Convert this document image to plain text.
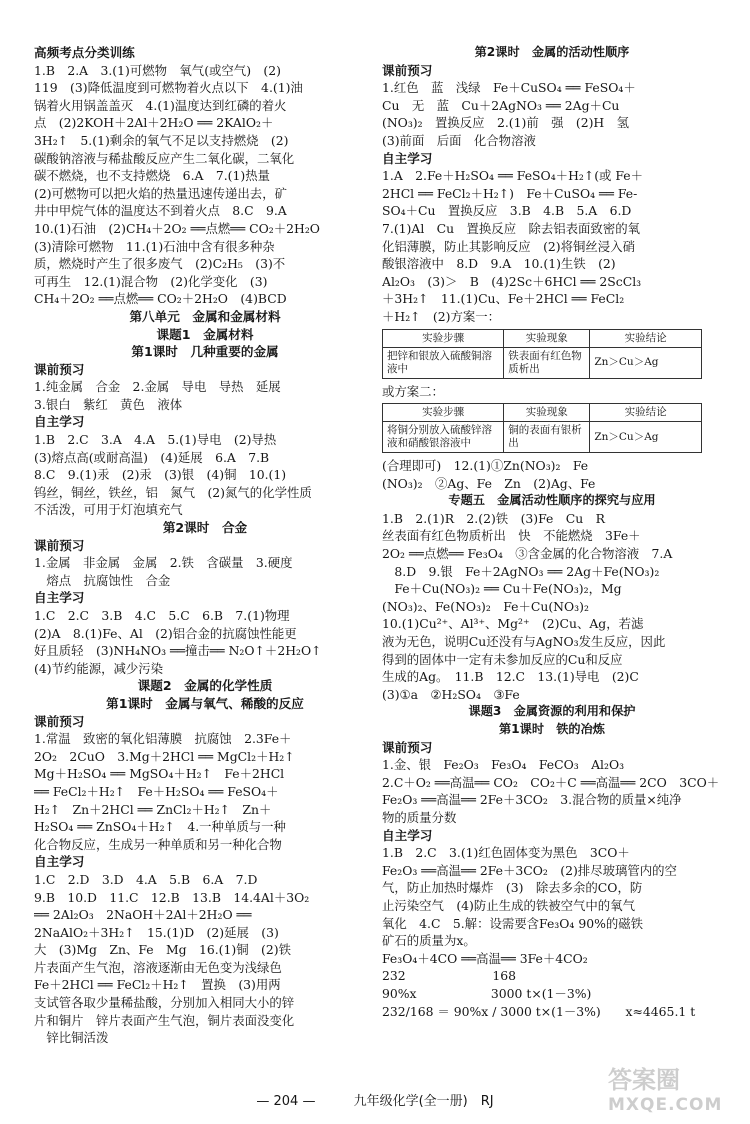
高频考点分类训练
1.B　2.A　3.(1)可燃物　氧气(或空气)　(2)
119　(3)降低温度到可燃物着火点以下　4.(1)油
锅着火用锅盖盖灭　4.(1)温度达到红磷的着火
点　(2)2KOH＋2Al＋2H₂O ══ 2KAlO₂＋
3H₂↑　5.(1)剩余的氧气不足以支持燃烧　(2)
碳酸钠溶液与稀盐酸反应产生二氧化碳，二氧化
碳不燃烧，也不支持燃烧　6.A　7.(1)热量
(2)可燃物可以把火焰的热量迅速传递出去，矿
井中甲烷气体的温度达不到着火点　8.C　9.A
10.(1)石油　(2)CH₄＋2O₂ ══点燃══ CO₂＋2H₂O
(3)清除可燃物　11.(1)石油中含有很多种杂
质，燃烧时产生了很多废气　(2)C₂H₅　(3)不
可再生　12.(1)混合物　(2)化学变化　(3)
CH₄＋2O₂ ══点燃══ CO₂＋2H₂O　(4)BCD
第八单元　金属和金属材料
课题1　金属材料
第1课时　几种重要的金属
课前预习
1.纯金属　合金　2.金属　导电　导热　延展
3.银白　紫红　黄色　液体
自主学习
1.B　2.C　3.A　4.A　5.(1)导电　(2)导热
(3)熔点高(或耐高温)　(4)延展　6.A　7.B
8.C　9.(1)汞　(2)汞　(3)银　(4)铜　10.(1)
钨丝，铜丝，铁丝，铝　氮气　(2)氮气的化学性质
不活泼，可用于灯泡填充气
第2课时　合金
课前预习
1.金属　非金属　金属　2.铁　含碳量　3.硬度
　熔点　抗腐蚀性　合金
自主学习
1.C　2.C　3.B　4.C　5.C　6.B　7.(1)物理
(2)A　8.(1)Fe、Al　(2)铝合金的抗腐蚀性能更
好且质轻　(3)NH₄NO₃ ══撞击══ N₂O↑＋2H₂O↑
(4)节约能源，减少污染
课题2　金属的化学性质
第1课时　金属与氧气、稀酸的反应
课前预习
1.常温　致密的氧化铝薄膜　抗腐蚀　2.3Fe＋
2O₂　2CuO　3.Mg＋2HCl ══ MgCl₂＋H₂↑
Mg＋H₂SO₄ ══ MgSO₄＋H₂↑　Fe＋2HCl
══ FeCl₂＋H₂↑　Fe＋H₂SO₄ ══ FeSO₄＋
H₂↑　Zn＋2HCl ══ ZnCl₂＋H₂↑　Zn＋
H₂SO₄ ══ ZnSO₄＋H₂↑　4.一种单质与一种
化合物反应，生成另一种单质和另一种化合物
自主学习
1.C　2.D　3.D　4.A　5.B　6.A　7.D
9.B　10.D　11.C　12.B　13.B　14.4Al＋3O₂
══ 2Al₂O₃　2NaOH＋2Al＋2H₂O ══
2NaAlO₂＋3H₂↑　15.(1)D　(2)延展　(3)
大　(3)Mg　Zn、Fe　Mg　16.(1)铜　(2)铁
片表面产生气泡，溶液逐渐由无色变为浅绿色
Fe＋2HCl ══ FeCl₂＋H₂↑　置换　(3)用两
支试管各取少量稀盐酸，分别加入相同大小的锌
片和铜片　锌片表面产生气泡，铜片表面没变化
　锌比铜活泼
第2课时　金属的活动性顺序
课前预习
1.红色　蓝　浅绿　Fe＋CuSO₄ ══ FeSO₄＋
Cu　无　蓝　Cu＋2AgNO₃ ══ 2Ag＋Cu
(NO₃)₂　置换反应　2.(1)前　强　(2)H　氢
(3)前面　后面　化合物溶液
自主学习
1.A　2.Fe＋H₂SO₄ ══ FeSO₄＋H₂↑(或 Fe＋
2HCl ══ FeCl₂＋H₂↑)　Fe＋CuSO₄ ══ Fe-
SO₄＋Cu　置换反应　3.B　4.B　5.A　6.D
7.(1)Al　Cu　置换反应　除去铝表面致密的氧
化铝薄膜，防止其影响反应　(2)将铜丝浸入硝
酸银溶液中　8.D　9.A　10.(1)生铁　(2)
Al₂O₃　(3)＞　B　(4)2Sc＋6HCl ══ 2ScCl₃
＋3H₂↑　11.(1)Cu、Fe＋2HCl ══ FeCl₂
＋H₂↑　(2)方案一：
实验步骤	实验现象	实验结论
把锌和银放入硫酸铜溶液中	铁表面有红色物质析出	Zn＞Cu＞Ag
或方案二：
实验步骤	实验现象	实验结论
将铜分别放入硫酸锌溶液和硝酸银溶液中	铜的表面有银析出	Zn＞Cu＞Ag
(合理即可)　12.(1)①Zn(NO₃)₂　Fe
(NO₃)₂　②Ag、Fe　Zn　(2)Ag、Fe
专题五　金属活动性顺序的探究与应用
1.B　2.(1)R　2.(2)铁　(3)Fe　Cu　R
丝表面有红色物质析出　快　不能燃烧　3Fe＋
2O₂ ══点燃══ Fe₃O₄　③含金属的化合物溶液　7.A
　8.D　9.银　Fe＋2AgNO₃ ══ 2Ag＋Fe(NO₃)₂
　Fe＋Cu(NO₃)₂ ══ Cu＋Fe(NO₃)₂，Mg
(NO₃)₂、Fe(NO₃)₂　Fe＋Cu(NO₃)₂
10.(1)Cu²⁺、Al³⁺、Mg²⁺　(2)Cu、Ag，若滤
液为无色，说明Cu还没有与AgNO₃发生反应，因此
得到的固体中一定有未参加反应的Cu和反应
生成的Ag。　11.B　12.C　13.(1)导电　(2)C
(3)①a　②H₂SO₄　③Fe
课题3　金属资源的利用和保护
第1课时　铁的冶炼
课前预习
1.金、银　Fe₂O₃　Fe₃O₄　FeCO₃　Al₂O₃
2.C＋O₂ ══高温══ CO₂　CO₂＋C ══高温══ 2CO　3CO＋
Fe₂O₃ ══高温══ 2Fe＋3CO₂　3.混合物的质量×纯净
物的质量分数
自主学习
1.B　2.C　3.(1)红色固体变为黑色　3CO＋
Fe₂O₃ ══高温══ 2Fe＋3CO₂　(2)排尽玻璃管内的空
气，防止加热时爆炸　(3)　除去多余的CO，防
止污染空气　(4)防止生成的铁被空气中的氧气
氧化　4.C　5.解：设需要含Fe₃O₄ 90%的磁铁
矿石的质量为x。
Fe₃O₄＋4CO ══高温══ 3Fe＋4CO₂
232　　　　　　　168
90%x　　　　　　3000 t×(1－3%)
232/168 ＝ 90%x / 3000 t×(1－3%)　　x≈4465.1 t
— 204 —	九年级化学(全一册)　RJ
答案圈
MXQE.COM
